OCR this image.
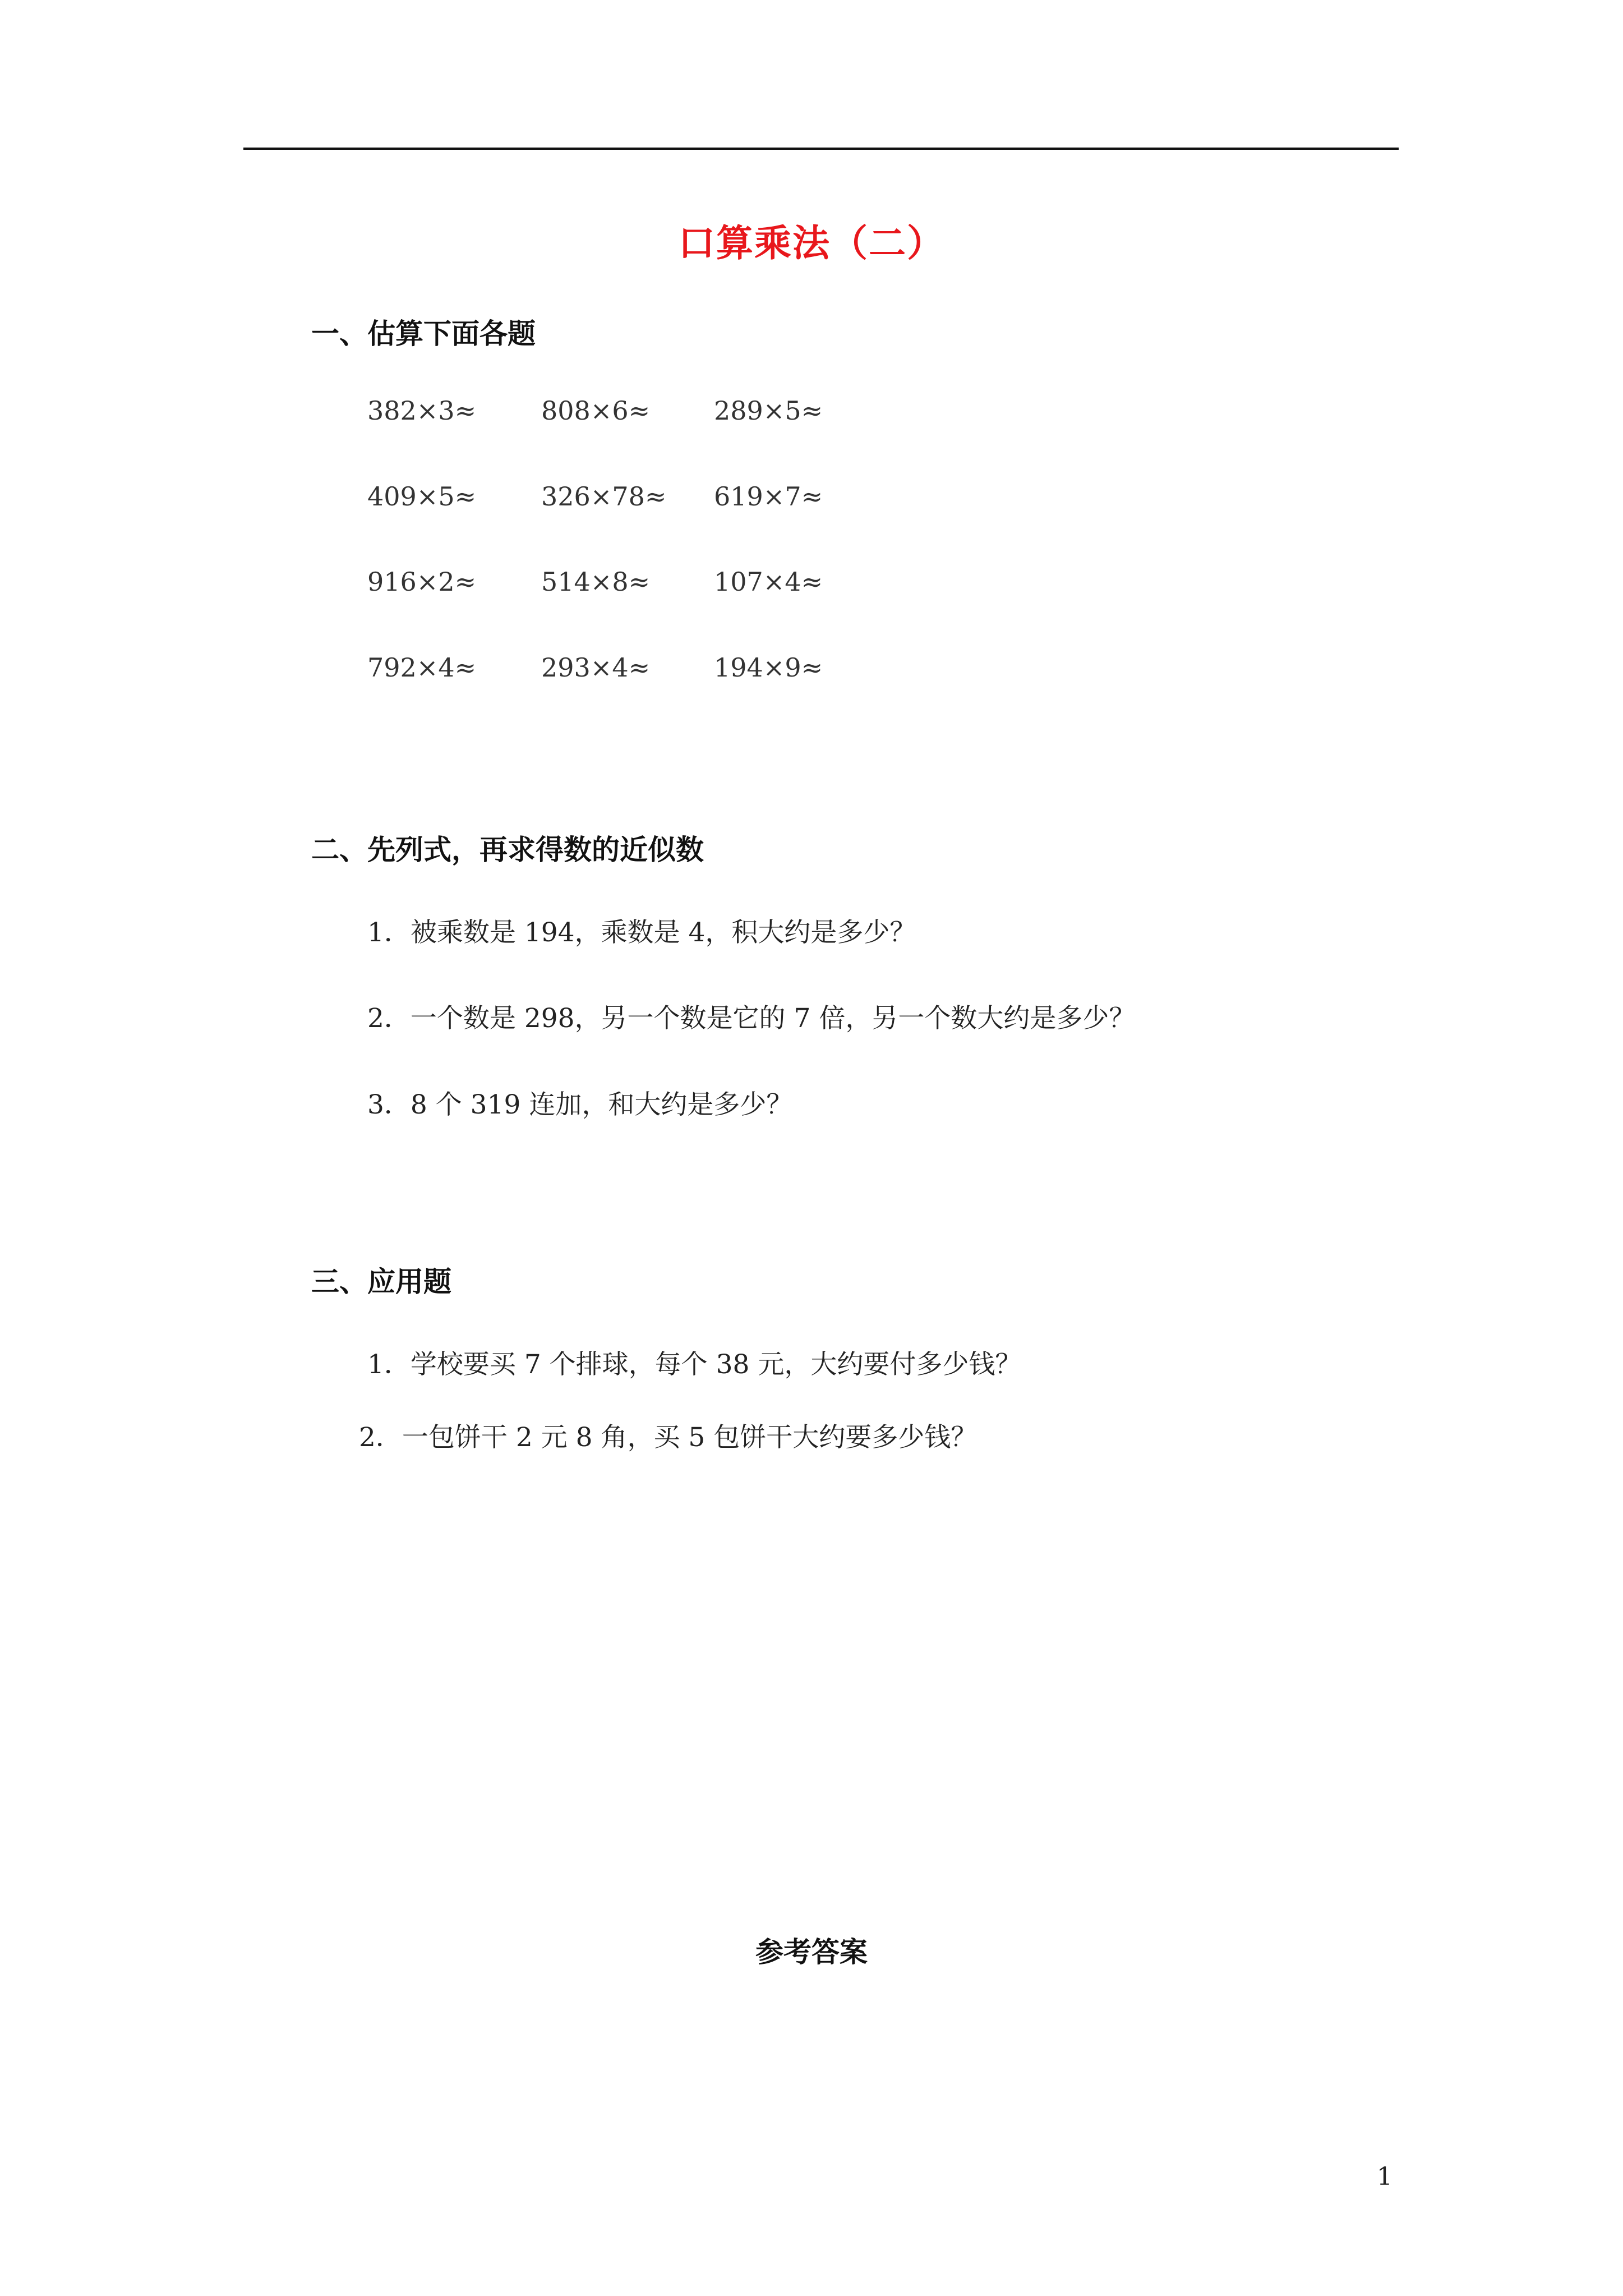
口算乘法（二）
一、估算下面各题
382×3≈	808×6≈ 289×5≈
409×5≈	326×78≈ 619×7≈
916×2≈	514×8≈ 107×4≈
792×4≈	293×4≈ 194×9≈
二、先列式，再求得数的近似数
1．被乘数是 194，乘数是 4，积大约是多少？
2．一个数是 298，另一个数是它的 7 倍，另一个数大约是多少？
3．8 个 319 连加，和大约是多少？
三、应用题
1．学校要买 7 个排球，每个 38 元，大约要付多少钱？
2．一包饼干 2 元 8 角，买 5 包饼干大约要多少钱？
参考答案
1
